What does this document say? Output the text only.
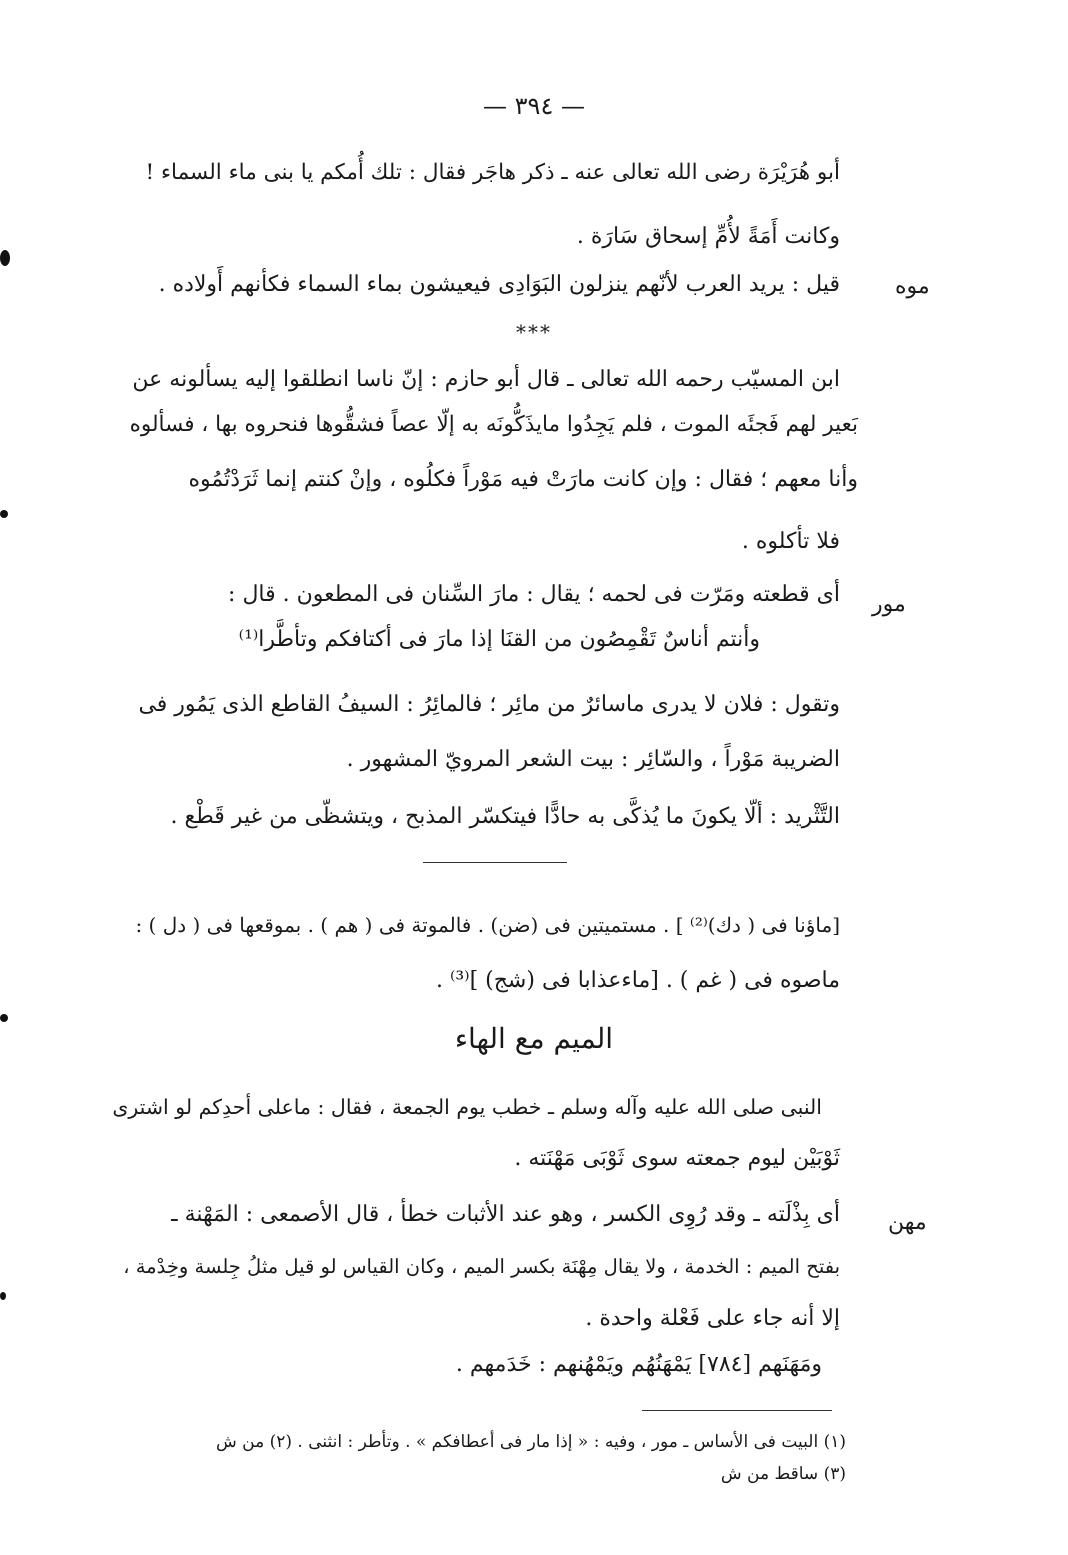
— ٣٩٤ —
أبو هُرَيْرَة رضى الله تعالى عنه ـ ذكر هاجَر فقال : تلك أُمكم يا بنى ماء السماء !
وكانت أَمَةً لأُمِّ إسحاق سَارَة .
موه
قيل : يريد العرب لأنّهم ينزلون البَوَادِى فيعيشون بماء السماء فكأنهم أَولاده .
***
ابن المسيّب رحمه الله تعالى ـ قال أبو حازم : إنّ ناسا انطلقوا إليه يسألونه عن
بَعير لهم فَجئَه الموت ، فلم يَجِدُوا مايذَكُّونَه به إلّا عصاً فشقُّوها فنحروه بها ، فسألوه
وأنا معهم ؛ فقال : وإن كانت مارَتْ فيه مَوْراً فكلُوه ، وإنْ كنتم إنما ثَرَدْتُمُوه
فلا تأكلوه .
مور
أى قطعته ومَرّت فى لحمه ؛ يقال : مارَ السِّنان فى المطعون . قال :
وأنتم أناسٌ تَقْمِصُون من القنَا إذا مارَ فى أكتافكم وتأطَّرا⁽¹⁾
وتقول : فلان لا يدرى ماسائرٌ من مائِر ؛ فالمائِرُ : السيفُ القاطع الذى يَمُور فى
الضريبة مَوْراً ، والسّائِر : بيت الشعر المرويّ المشهور .
التَّثْريد : ألّا يكونَ ما يُذكَّى به حادًّا فيتكسّر المذبح ، ويتشظّى من غير قَطْع .
[ماؤنا فى ( دك)⁽²⁾ ] . مستميتين فى (ضن) . فالموتة فى ( هم ) . بموقعها فى ( دل ) :
ماصوه فى ( غم ) . [ماءعذابا فى (شج) ]⁽³⁾ .
الميم مع الهاء
النبى صلى الله عليه وآله وسلم ـ خطب يوم الجمعة ، فقال : ماعلى أحدِكم لو اشترى
ثَوْبَيْن ليوم جمعته سوى ثَوْبَى مَهْنَته .
مهن
أى بِذْلَته ـ وقد رُوِى الكسر ، وهو عند الأثبات خطأ ، قال الأصمعى : المَهْنة ـ
بفتح الميم : الخدمة ، ولا يقال مِهْنَة بكسر الميم ، وكان القياس لو قيل مثلُ جِلسة وخِدْمة ،
إلا أنه جاء على فَعْلة واحدة .
ومَهَنَهم [٧٨٤] يَمْهَنُهُم ويَمْهُنهم : خَدَمهم .
(١) البيت فى الأساس ـ مور ، وفيه : « إذا مار فى أعطافكم » . وتأطر : انثنى . (٢) من ش
(٣) ساقط من ش
